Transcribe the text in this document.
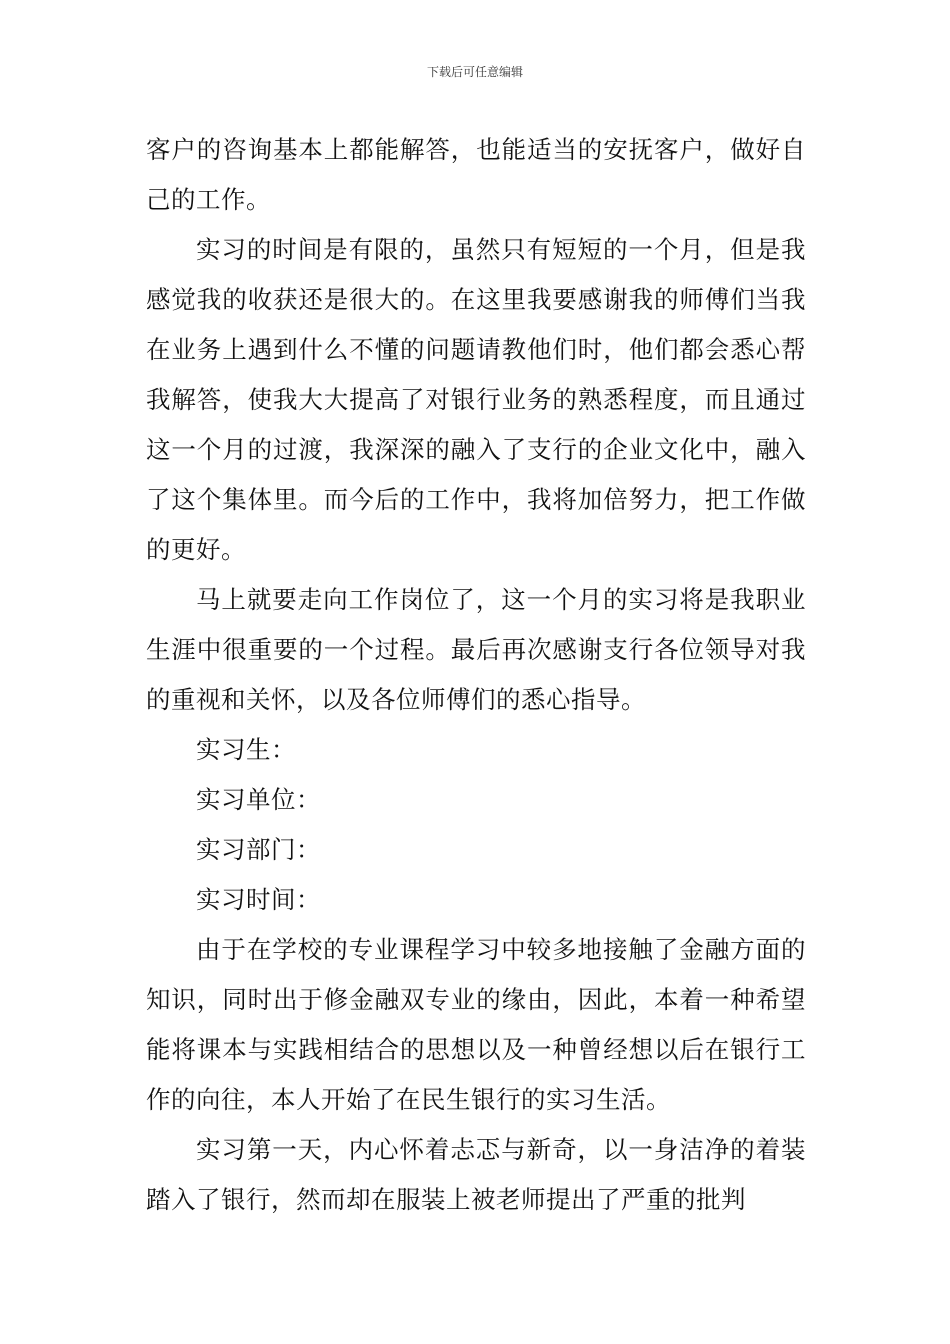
下载后可任意编辑

客户的咨询基本上都能解答，也能适当的安抚客户，做好自己的工作。

实习的时间是有限的，虽然只有短短的一个月，但是我感觉我的收获还是很大的。在这里我要感谢我的师傅们当我在业务上遇到什么不懂的问题请教他们时，他们都会悉心帮我解答，使我大大提高了对银行业务的熟悉程度，而且通过这一个月的过渡，我深深的融入了支行的企业文化中，融入了这个集体里。而今后的工作中，我将加倍努力，把工作做的更好。

马上就要走向工作岗位了，这一个月的实习将是我职业生涯中很重要的一个过程。最后再次感谢支行各位领导对我的重视和关怀，以及各位师傅们的悉心指导。

实习生：

实习单位：

实习部门：

实习时间：

由于在学校的专业课程学习中较多地接触了金融方面的知识，同时出于修金融双专业的缘由，因此，本着一种希望能将课本与实践相结合的思想以及一种曾经想以后在银行工作的向往，本人开始了在民生银行的实习生活。

实习第一天，内心怀着忐忑与新奇，以一身洁净的着装踏入了银行，然而却在服装上被老师提出了严重的批判
